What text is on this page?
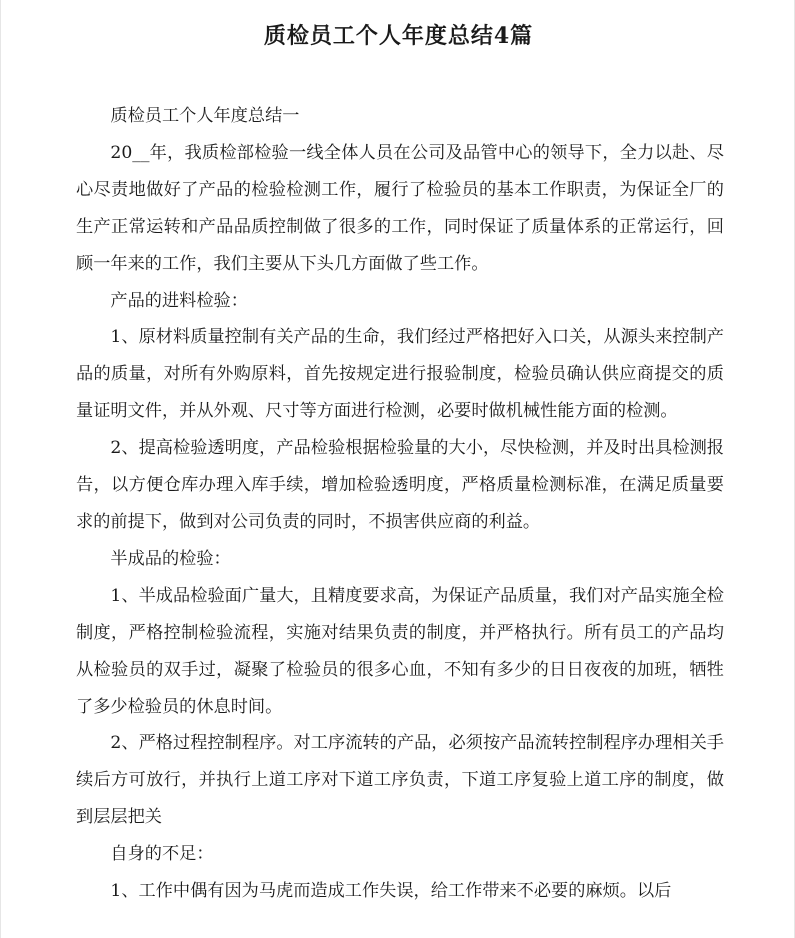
质检员工个人年度总结4篇

质检员工个人年度总结一

20__年，我质检部检验一线全体人员在公司及品管中心的领导下，全力以赴、尽心尽责地做好了产品的检验检测工作，履行了检验员的基本工作职责，为保证全厂的生产正常运转和产品品质控制做了很多的工作，同时保证了质量体系的正常运行，回顾一年来的工作，我们主要从下头几方面做了些工作。

产品的进料检验：

1、原材料质量控制有关产品的生命，我们经过严格把好入口关，从源头来控制产品的质量，对所有外购原料，首先按规定进行报验制度，检验员确认供应商提交的质量证明文件，并从外观、尺寸等方面进行检测，必要时做机械性能方面的检测。

2、提高检验透明度，产品检验根据检验量的大小，尽快检测，并及时出具检测报告，以方便仓库办理入库手续，增加检验透明度，严格质量检测标准，在满足质量要求的前提下，做到对公司负责的同时，不损害供应商的利益。

半成品的检验：

1、半成品检验面广量大，且精度要求高，为保证产品质量，我们对产品实施全检制度，严格控制检验流程，实施对结果负责的制度，并严格执行。所有员工的产品均从检验员的双手过，凝聚了检验员的很多心血，不知有多少的日日夜夜的加班，牺牲了多少检验员的休息时间。

2、严格过程控制程序。对工序流转的产品，必须按产品流转控制程序办理相关手续后方可放行，并执行上道工序对下道工序负责，下道工序复验上道工序的制度，做到层层把关

自身的不足：

1、工作中偶有因为马虎而造成工作失误，给工作带来不必要的麻烦。以后
